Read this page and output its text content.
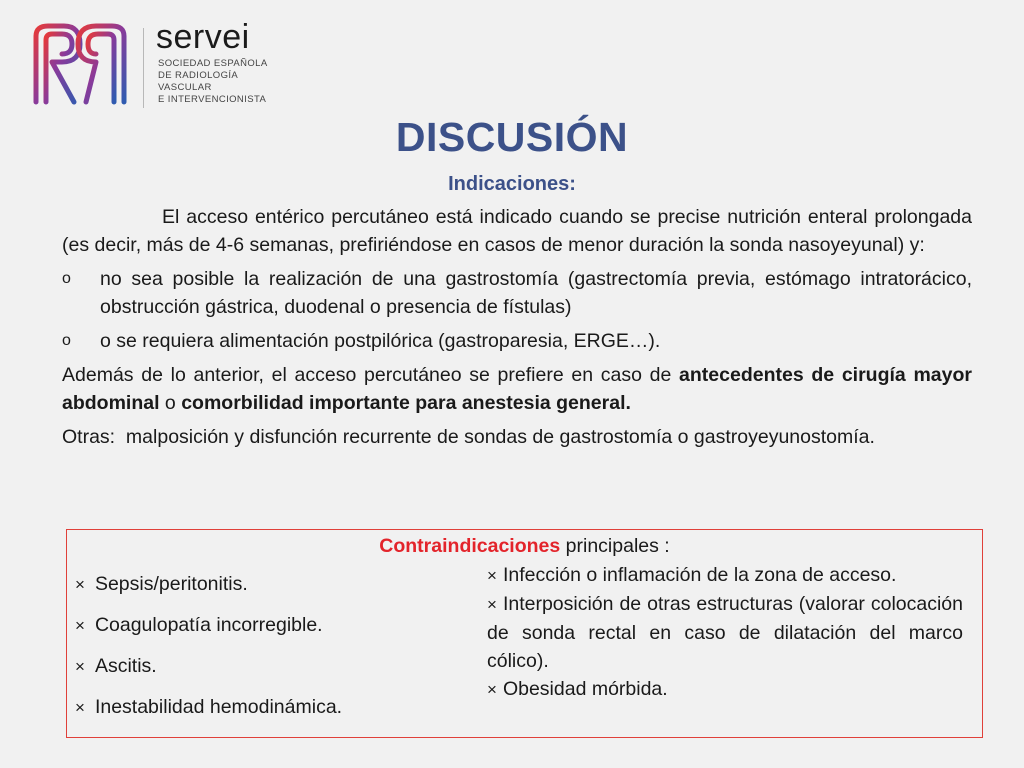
servei
SOCIEDAD ESPAÑOLA
DE RADIOLOGÍA
VASCULAR
E INTERVENCIONISTA
DISCUSIÓN
Indicaciones:

El acceso entérico percutáneo está indicado cuando se precise nutrición enteral prolongada (es decir, más de 4-6 semanas, prefiriéndose en casos de menor duración la sonda nasoyeyunal) y:

o no sea posible la realización de una gastrostomía (gastrectomía previa, estómago intratorácico, obstrucción gástrica, duodenal o presencia de fístulas)
o o se requiera alimentación postpilórica (gastroparesia, ERGE…).

Además de lo anterior, el acceso percutáneo se prefiere en caso de antecedentes de cirugía mayor abdominal o comorbilidad importante para anestesia general.

Otras:  malposición y disfunción recurrente de sondas de gastrostomía o gastroyeyunostomía.

Contraindicaciones principales :
× Sepsis/peritonitis.
× Coagulopatía incorregible.
× Ascitis.
× Inestabilidad hemodinámica.
× Infección o inflamación de la zona de acceso.
× Interposición de otras estructuras (valorar colocación de sonda rectal en caso de dilatación del marco cólico).
× Obesidad mórbida.
